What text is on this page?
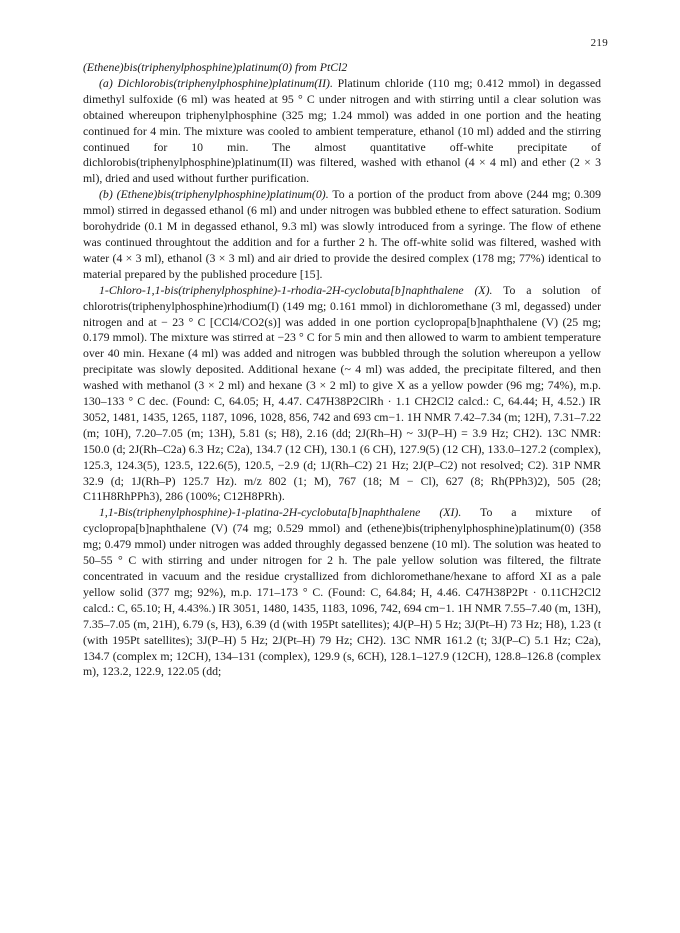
219

(Ethene)bis(triphenylphosphine)platinum(0) from PtCl2

(a) Dichlorobis(triphenylphosphine)platinum(II). Platinum chloride (110 mg; 0.412 mmol) in degassed dimethyl sulfoxide (6 ml) was heated at 95 ° C under nitrogen and with stirring until a clear solution was obtained whereupon triphenylphosphine (325 mg; 1.24 mmol) was added in one portion and the heating continued for 4 min. The mixture was cooled to ambient temperature, ethanol (10 ml) added and the stirring continued for 10 min. The almost quantitative off-white precipitate of dichlorobis(triphenylphosphine)platinum(II) was filtered, washed with ethanol (4 × 4 ml) and ether (2 × 3 ml), dried and used without further purification.

(b) (Ethene)bis(triphenylphosphine)platinum(0). To a portion of the product from above (244 mg; 0.309 mmol) stirred in degassed ethanol (6 ml) and under nitrogen was bubbled ethene to effect saturation. Sodium borohydride (0.1 M in degassed ethanol, 9.3 ml) was slowly introduced from a syringe. The flow of ethene was continued throughtout the addition and for a further 2 h. The off-white solid was filtered, washed with water (4 × 3 ml), ethanol (3 × 3 ml) and air dried to provide the desired complex (178 mg; 77%) identical to material prepared by the published procedure [15].

1-Chloro-1,1-bis(triphenylphosphine)-1-rhodia-2H-cyclobuta[b]naphthalene (X). To a solution of chlorotris(triphenylphosphine)rhodium(I) (149 mg; 0.161 mmol) in dichloromethane (3 ml, degassed) under nitrogen and at − 23 ° C [CCl4/CO2(s)] was added in one portion cyclopropa[b]naphthalene (V) (25 mg; 0.179 mmol). The mixture was stirred at −23 ° C for 5 min and then allowed to warm to ambient temperature over 40 min. Hexane (4 ml) was added and nitrogen was bubbled through the solution whereupon a yellow precipitate was slowly deposited. Additional hexane (~ 4 ml) was added, the precipitate filtered, and then washed with methanol (3 × 2 ml) and hexane (3 × 2 ml) to give X as a yellow powder (96 mg; 74%), m.p. 130–133 ° C dec. (Found: C, 64.05; H, 4.47. C47H38P2ClRh · 1.1 CH2Cl2 calcd.: C, 64.44; H, 4.52.) IR 3052, 1481, 1435, 1265, 1187, 1096, 1028, 856, 742 and 693 cm−1. 1H NMR 7.42–7.34 (m; 12H), 7.31–7.22 (m; 10H), 7.20–7.05 (m; 13H), 5.81 (s; H8), 2.16 (dd; 2J(Rh–H) ~ 3J(P–H) = 3.9 Hz; CH2). 13C NMR: 150.0 (d; 2J(Rh–C2a) 6.3 Hz; C2a), 134.7 (12 CH), 130.1 (6 CH), 127.9(5) (12 CH), 133.0–127.2 (complex), 125.3, 124.3(5), 123.5, 122.6(5), 120.5, −2.9 (d; 1J(Rh–C2) 21 Hz; 2J(P–C2) not resolved; C2). 31P NMR 32.9 (d; 1J(Rh–P) 125.7 Hz). m/z 802 (1; M), 767 (18; M − Cl), 627 (8; Rh(PPh3)2), 505 (28; C11H8RhPPh3), 286 (100%; C12H8PRh).

1,1-Bis(triphenylphosphine)-1-platina-2H-cyclobuta[b]naphthalene (XI). To a mixture of cyclopropa[b]naphthalene (V) (74 mg; 0.529 mmol) and (ethene)bis(triphenylphosphine)platinum(0) (358 mg; 0.479 mmol) under nitrogen was added throughly degassed benzene (10 ml). The solution was heated to 50–55 ° C with stirring and under nitrogen for 2 h. The pale yellow solution was filtered, the filtrate concentrated in vacuum and the residue crystallized from dichloromethane/hexane to afford XI as a pale yellow solid (377 mg; 92%), m.p. 171–173 ° C. (Found: C, 64.84; H, 4.46. C47H38P2Pt · 0.11CH2Cl2 calcd.: C, 65.10; H, 4.43%.) IR 3051, 1480, 1435, 1183, 1096, 742, 694 cm−1. 1H NMR 7.55–7.40 (m, 13H), 7.35–7.05 (m, 21H), 6.79 (s, H3), 6.39 (d (with 195Pt satellites); 4J(P–H) 5 Hz; 3J(Pt–H) 73 Hz; H8), 1.23 (t (with 195Pt satellites); 3J(P–H) 5 Hz; 2J(Pt–H) 79 Hz; CH2). 13C NMR 161.2 (t; 3J(P–C) 5.1 Hz; C2a), 134.7 (complex m; 12CH), 134–131 (complex), 129.9 (s, 6CH), 128.1–127.9 (12CH), 128.8–126.8 (complex m), 123.2, 122.9, 122.05 (dd;
